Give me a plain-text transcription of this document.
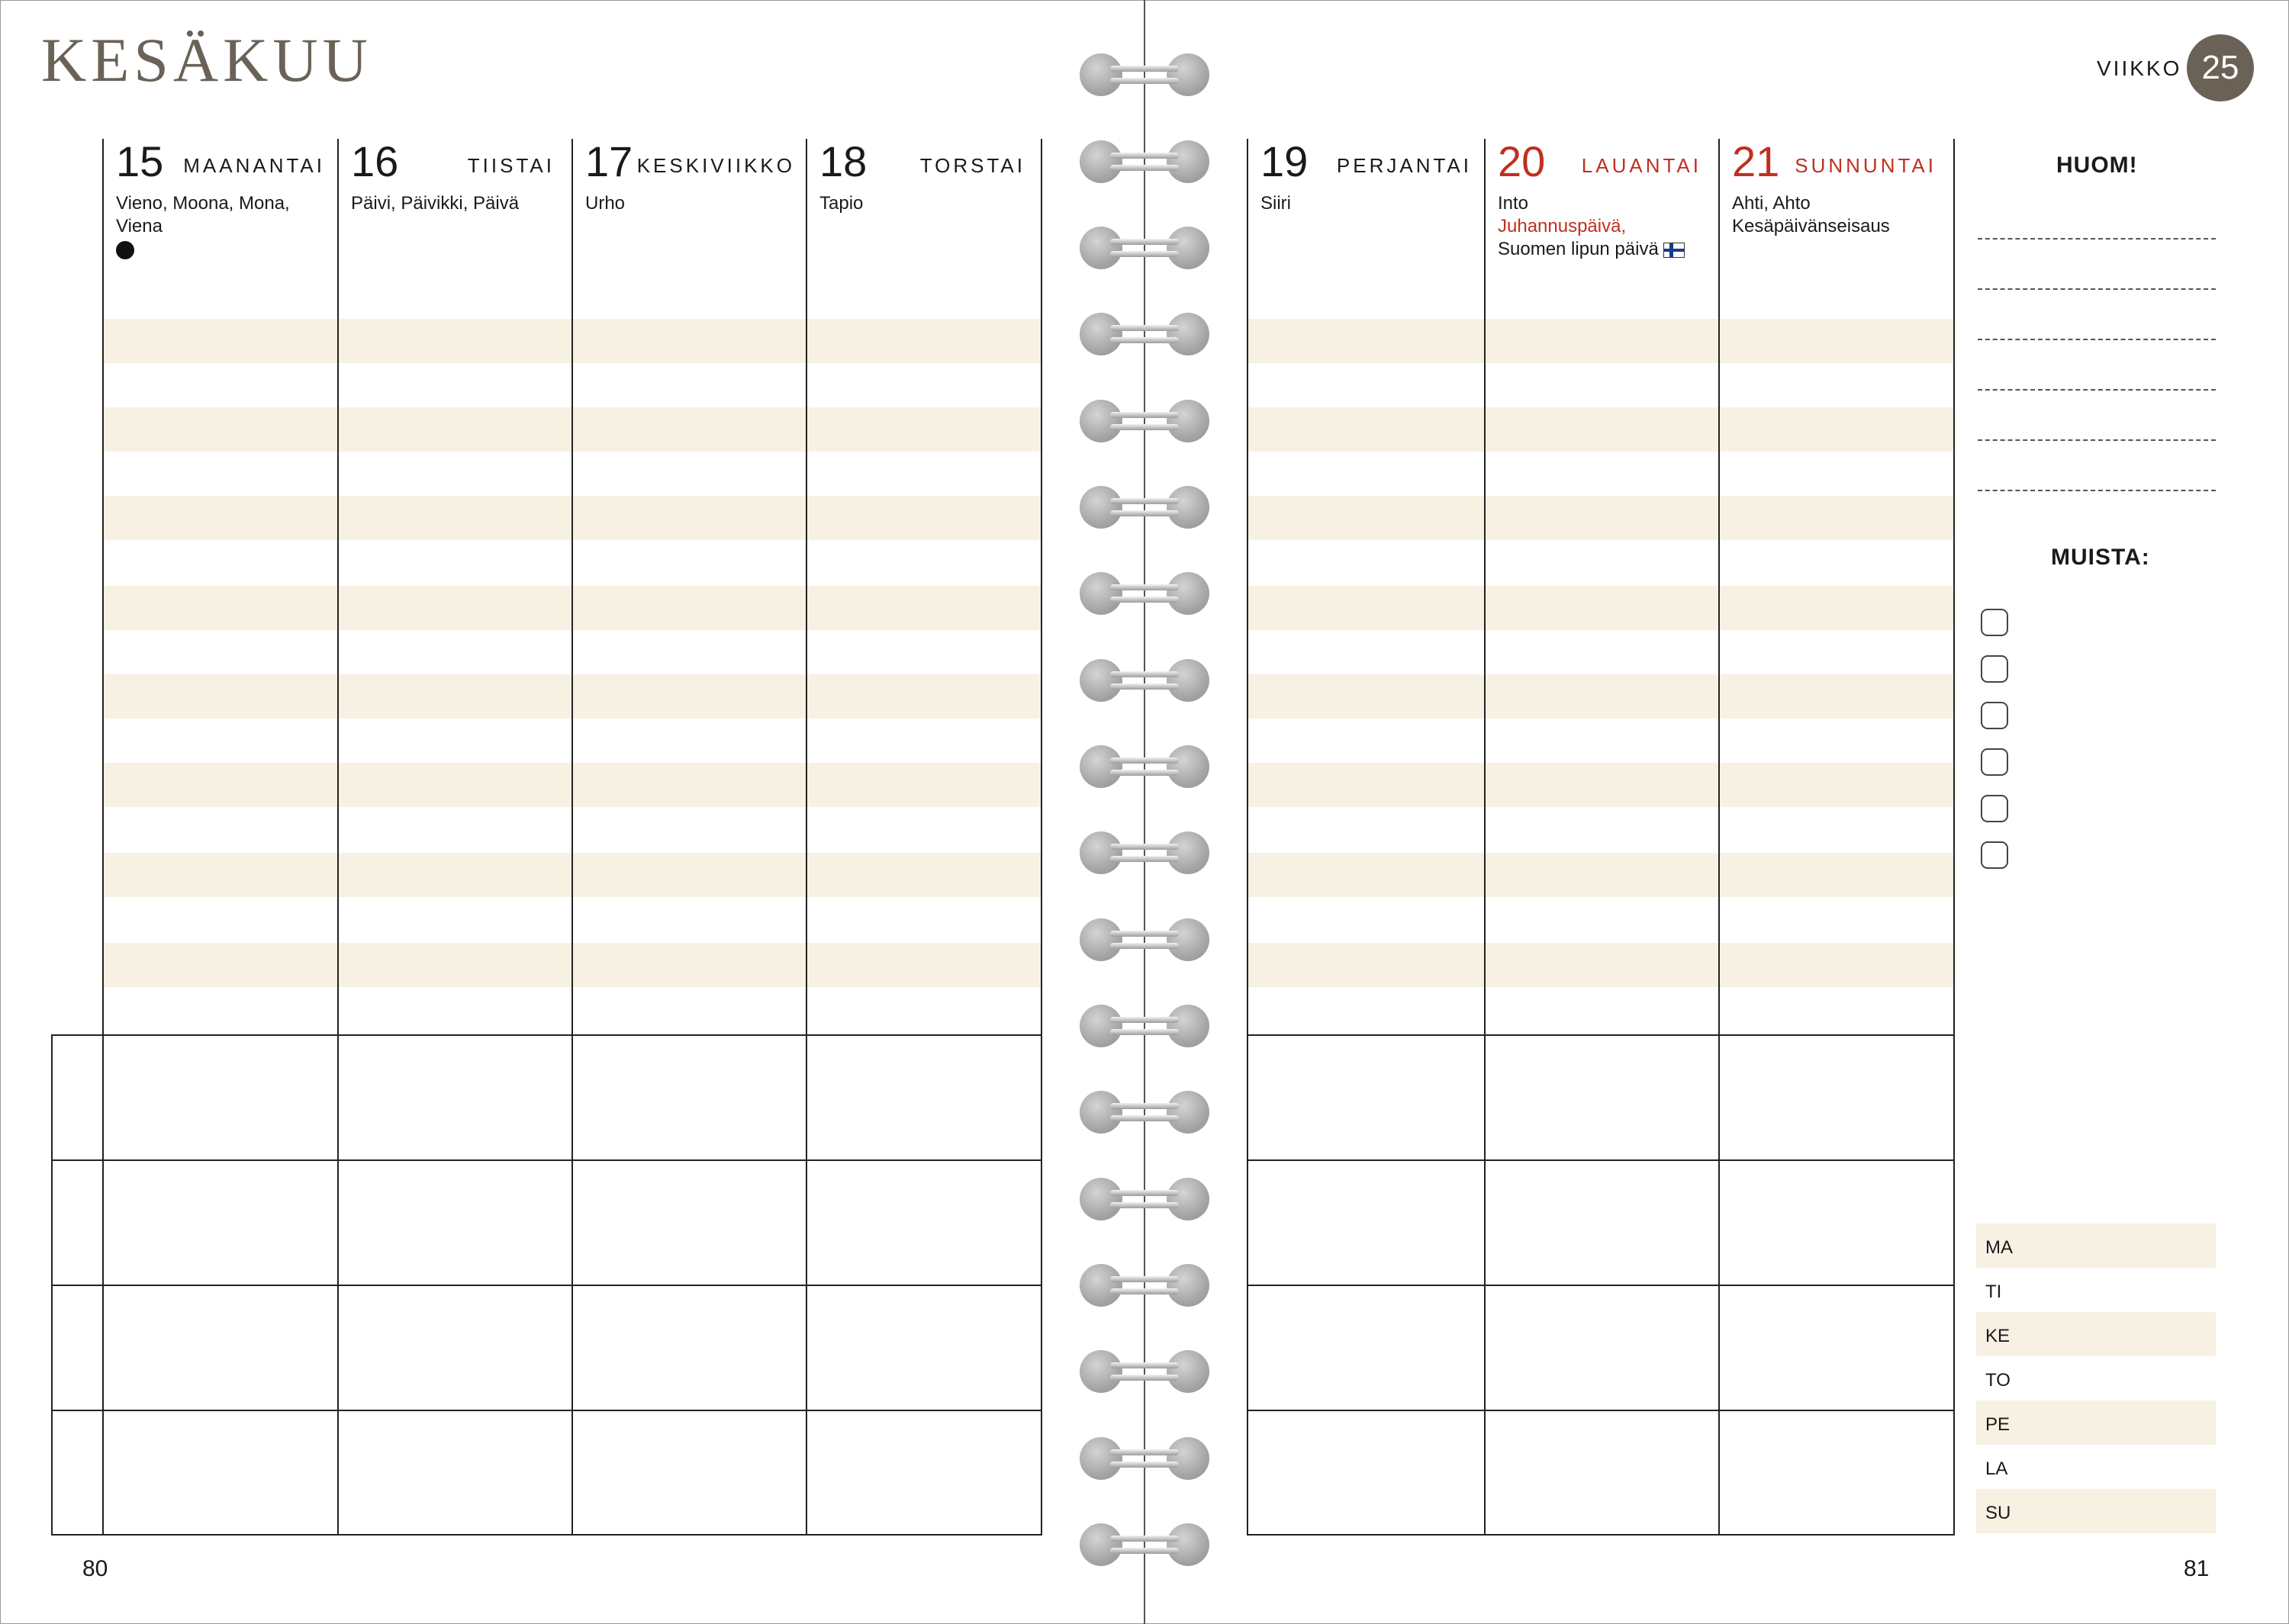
KESÄKUU	VIIKKO 25
15 MAANANTAI
Vieno, Moona, Mona,
Viena
16	TIISTAI
Päivi, Päivikki, Päivä
17 KESKIVIIKKO
Urho
18	TORSTAI
Tapio
80
19 PERJANTAI
Siiri
20 LAUANTAI
Into
Juhannuspäivä,
Suomen lipun päivä
21 SUNNUNTAI
Ahti, Ahto
Kesäpäivänseisaus
HUOM!
MUISTA:
MA
TI
KE
TO
PE
LA
SU
81
